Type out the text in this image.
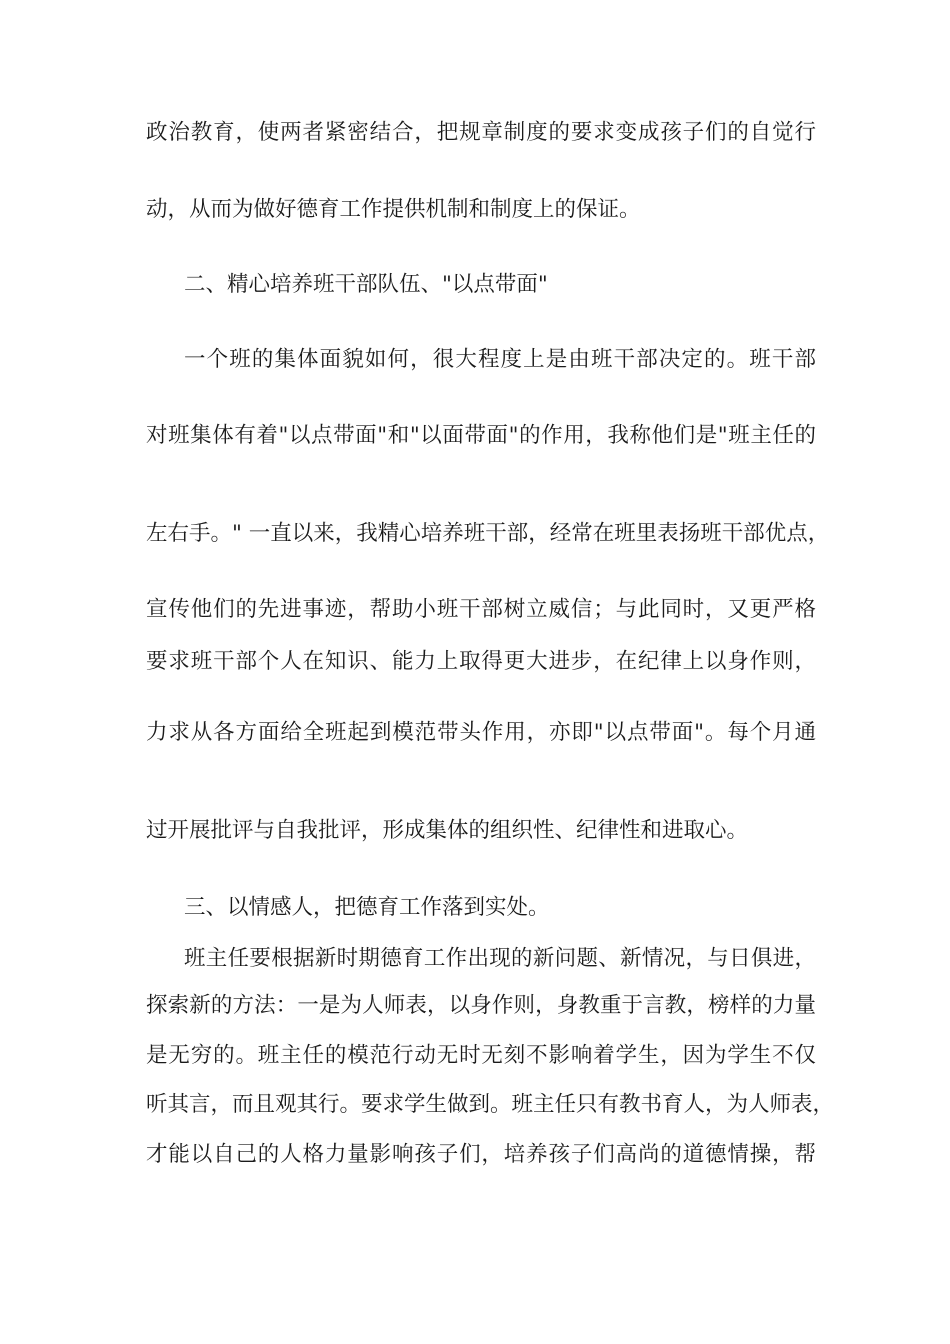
政治教育，使两者紧密结合，把规章制度的要求变成孩子们的自觉行
动，从而为做好德育工作提供机制和制度上的保证。
二、精心培养班干部队伍、"以点带面"
一个班的集体面貌如何，很大程度上是由班干部决定的。班干部
对班集体有着"以点带面"和"以面带面"的作用，我称他们是"班主任的
左右手。" 一直以来，我精心培养班干部，经常在班里表扬班干部优点，
宣传他们的先进事迹，帮助小班干部树立威信；与此同时，又更严格
要求班干部个人在知识、能力上取得更大进步，在纪律上以身作则，
力求从各方面给全班起到模范带头作用，亦即"以点带面"。每个月通
过开展批评与自我批评，形成集体的组织性、纪律性和进取心。
三、以情感人，把德育工作落到实处。
班主任要根据新时期德育工作出现的新问题、新情况，与日俱进，
探索新的方法：一是为人师表，以身作则，身教重于言教，榜样的力量
是无穷的。班主任的模范行动无时无刻不影响着学生，因为学生不仅
听其言，而且观其行。要求学生做到。班主任只有教书育人，为人师表，
才能以自己的人格力量影响孩子们，培养孩子们高尚的道德情操，帮
